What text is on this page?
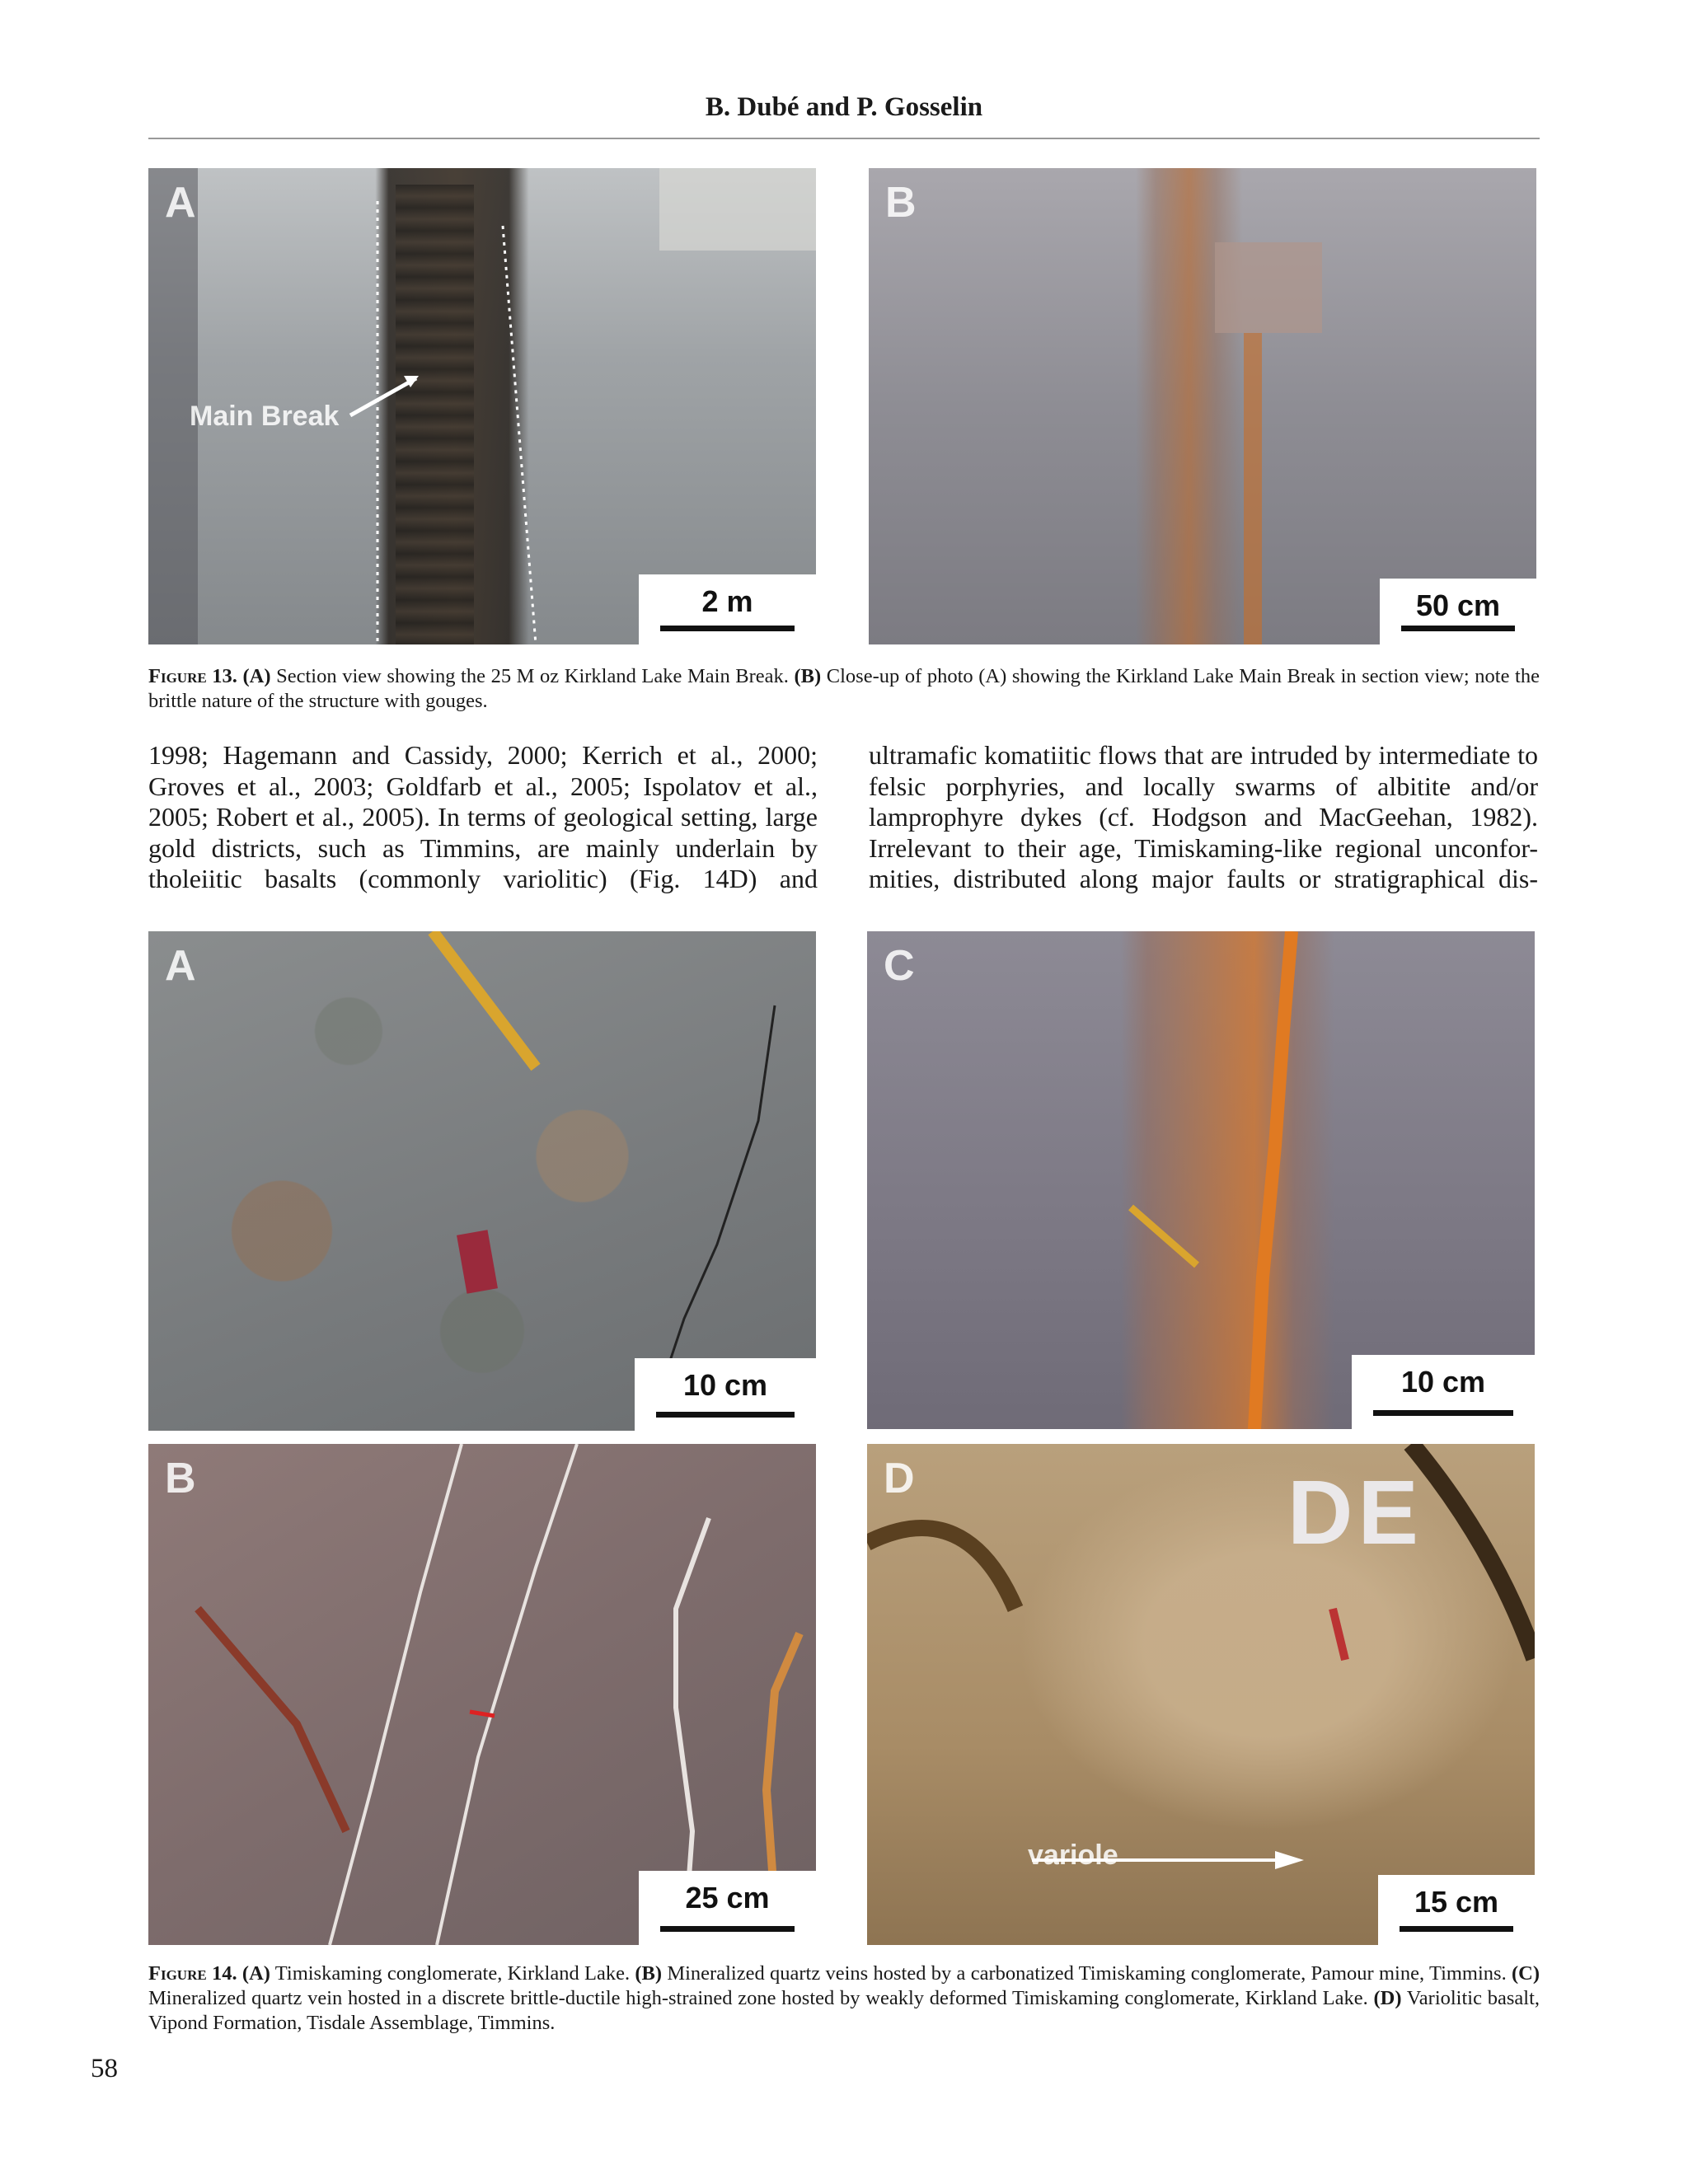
B. Dubé and P. Gosselin
A
Main Break
2 m
B
50 cm
Figure 13. (A) Section view showing the 25 M oz Kirkland Lake Main Break. (B) Close-up of photo (A) showing the Kirkland Lake Main Break in section view; note the brittle nature of the structure with gouges.
1998; Hagemann and Cassidy, 2000; Kerrich et al., 2000; Groves et al., 2003; Goldfarb et al., 2005; Ispolatov et al., 2005; Robert et al., 2005). In terms of geological setting, large gold districts, such as Timmins, are mainly underlain by tholeiitic basalts (commonly variolitic) (Fig. 14D) and
ultramafic komatiitic flows that are intruded by intermediate to felsic porphyries, and locally swarms of albitite and/or lamprophyre dykes (cf. Hodgson and MacGeehan, 1982). Irrelevant to their age, Timiskaming-like regional unconfor-mities, distributed along major faults or stratigraphical dis-
A
10 cm
C
10 cm
B
25 cm
D	DE
variole
15 cm
Figure 14. (A) Timiskaming conglomerate, Kirkland Lake. (B) Mineralized quartz veins hosted by a carbonatized Timiskaming conglomerate, Pamour mine, Timmins. (C) Mineralized quartz vein hosted in a discrete brittle-ductile high-strained zone hosted by weakly deformed Timiskaming conglomerate, Kirkland Lake. (D) Variolitic basalt, Vipond Formation, Tisdale Assemblage, Timmins.
58
